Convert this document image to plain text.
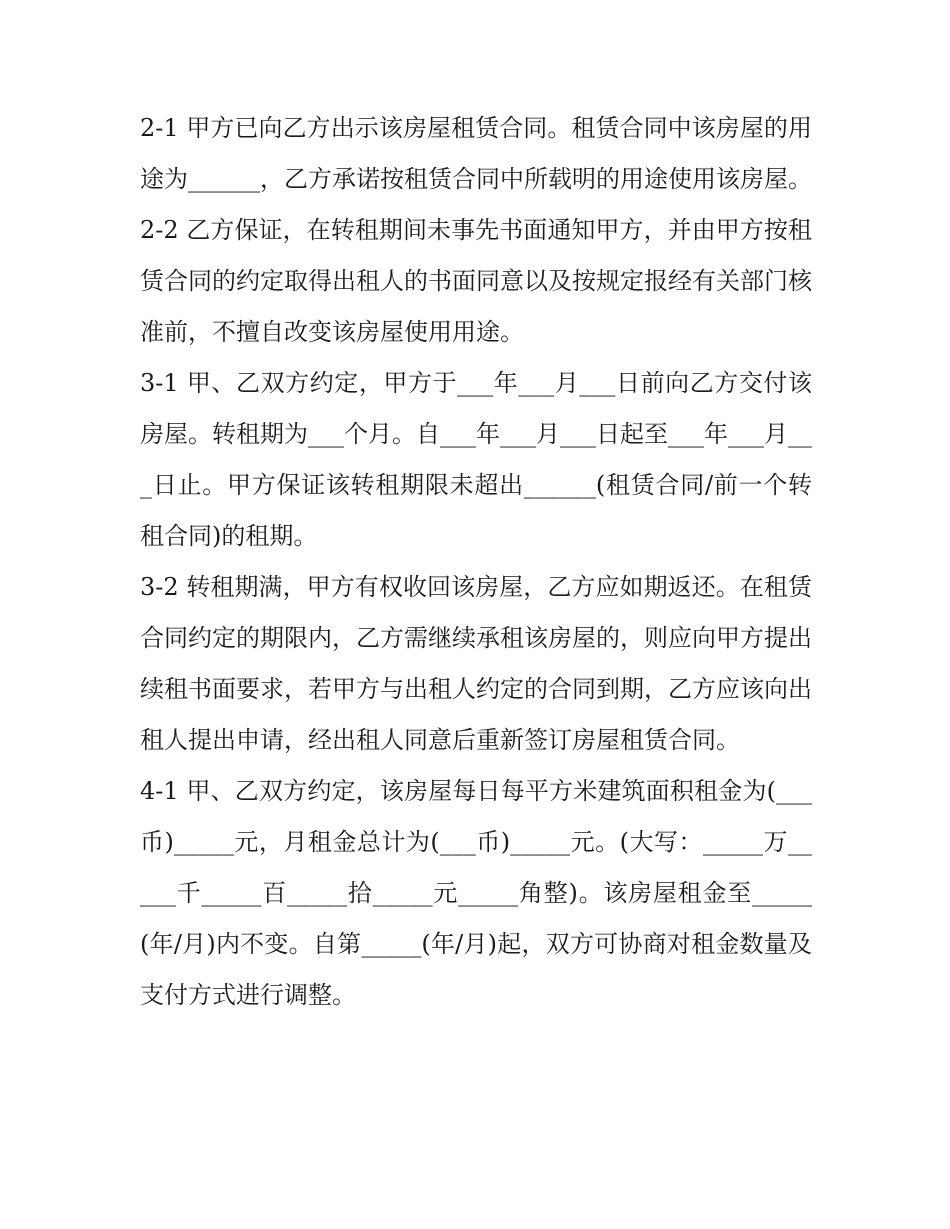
2-1 甲方已向乙方出示该房屋租赁合同。租赁合同中该房屋的用途为______，乙方承诺按租赁合同中所载明的用途使用该房屋。

2-2 乙方保证，在转租期间未事先书面通知甲方，并由甲方按租赁合同的约定取得出租人的书面同意以及按规定报经有关部门核准前，不擅自改变该房屋使用用途。

3-1 甲、乙双方约定，甲方于___年___月___日前向乙方交付该房屋。转租期为___个月。自___年___月___日起至___年___月___日止。甲方保证该转租期限未超出______(租赁合同/前一个转租合同)的租期。

3-2 转租期满，甲方有权收回该房屋，乙方应如期返还。在租赁合同约定的期限内，乙方需继续承租该房屋的，则应向甲方提出续租书面要求，若甲方与出租人约定的合同到期，乙方应该向出租人提出申请，经出租人同意后重新签订房屋租赁合同。

4-1 甲、乙双方约定，该房屋每日每平方米建筑面积租金为(___币)_____元，月租金总计为(___币)_____元。(大写：_____万_____千_____百_____拾_____元_____角整)。该房屋租金至_____(年/月)内不变。自第_____(年/月)起，双方可协商对租金数量及支付方式进行调整。
